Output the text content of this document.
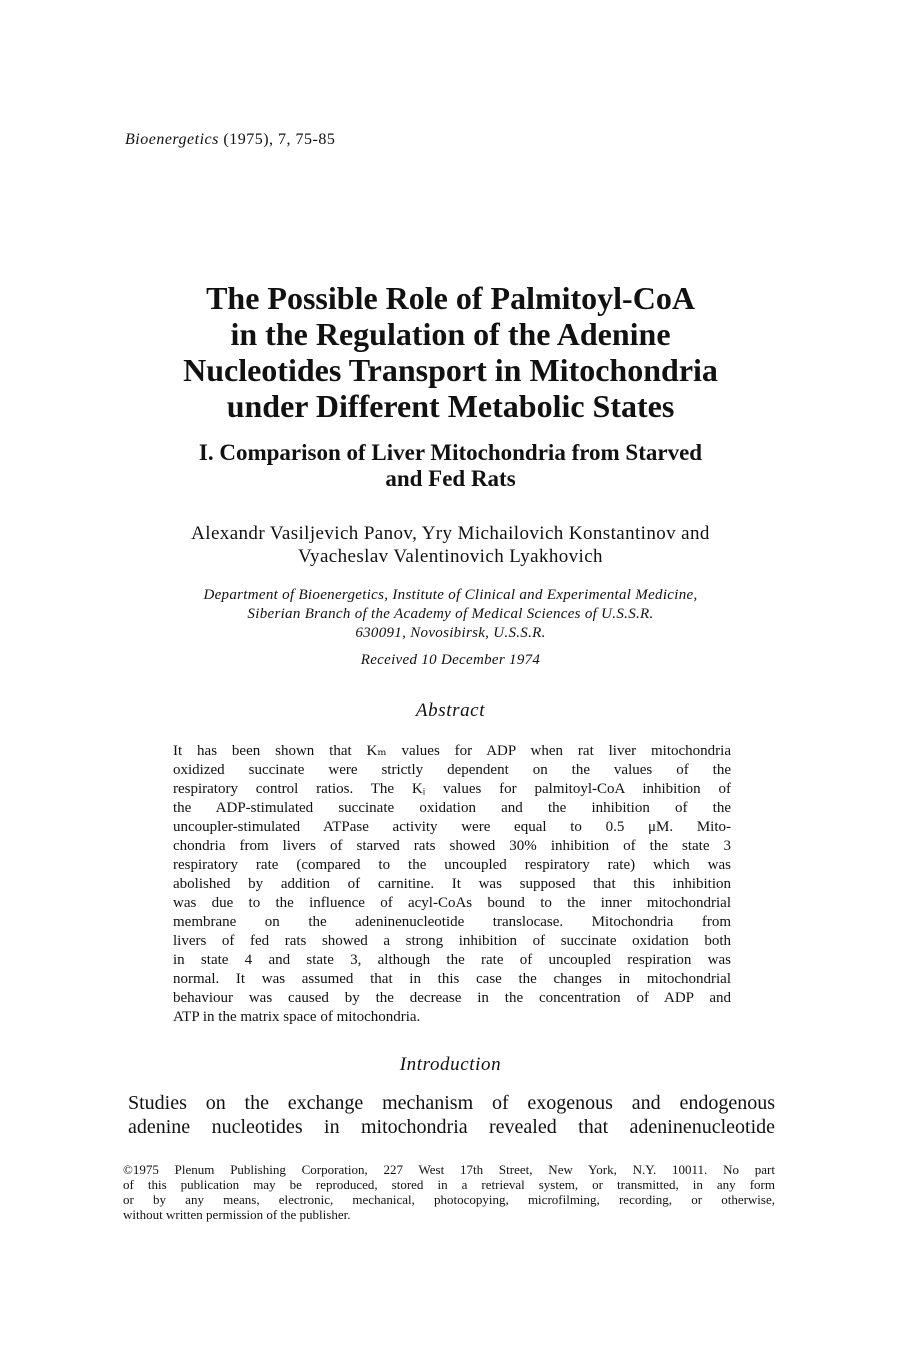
Bioenergetics (1975), 7, 75-85
The Possible Role of Palmitoyl-CoA
in the Regulation of the Adenine
Nucleotides Transport in Mitochondria
under Different Metabolic States
I. Comparison of Liver Mitochondria from Starved
and Fed Rats
Alexandr Vasiljevich Panov, Yry Michailovich Konstantinov and
Vyacheslav Valentinovich Lyakhovich
Department of Bioenergetics, Institute of Clinical and Experimental Medicine,
Siberian Branch of the Academy of Medical Sciences of U.S.S.R.
630091, Novosibirsk, U.S.S.R.
Received 10 December 1974
Abstract
It has been shown that Kₘ values for ADP when rat liver mitochondria
oxidized succinate were strictly dependent on the values of the
respiratory control ratios. The Kᵢ values for palmitoyl-CoA inhibition of
the ADP-stimulated succinate oxidation and the inhibition of the
uncoupler-stimulated ATPase activity were equal to 0.5 μM. Mito-
chondria from livers of starved rats showed 30% inhibition of the state 3
respiratory rate (compared to the uncoupled respiratory rate) which was
abolished by addition of carnitine. It was supposed that this inhibition
was due to the influence of acyl-CoAs bound to the inner mitochondrial
membrane on the adeninenucleotide translocase. Mitochondria from
livers of fed rats showed a strong inhibition of succinate oxidation both
in state 4 and state 3, although the rate of uncoupled respiration was
normal. It was assumed that in this case the changes in mitochondrial
behaviour was caused by the decrease in the concentration of ADP and
ATP in the matrix space of mitochondria.
Introduction
Studies on the exchange mechanism of exogenous and endogenous
adenine nucleotides in mitochondria revealed that adeninenucleotide
©1975 Plenum Publishing Corporation, 227 West 17th Street, New York, N.Y. 10011. No part
of this publication may be reproduced, stored in a retrieval system, or transmitted, in any form
or by any means, electronic, mechanical, photocopying, microfilming, recording, or otherwise,
without written permission of the publisher.
